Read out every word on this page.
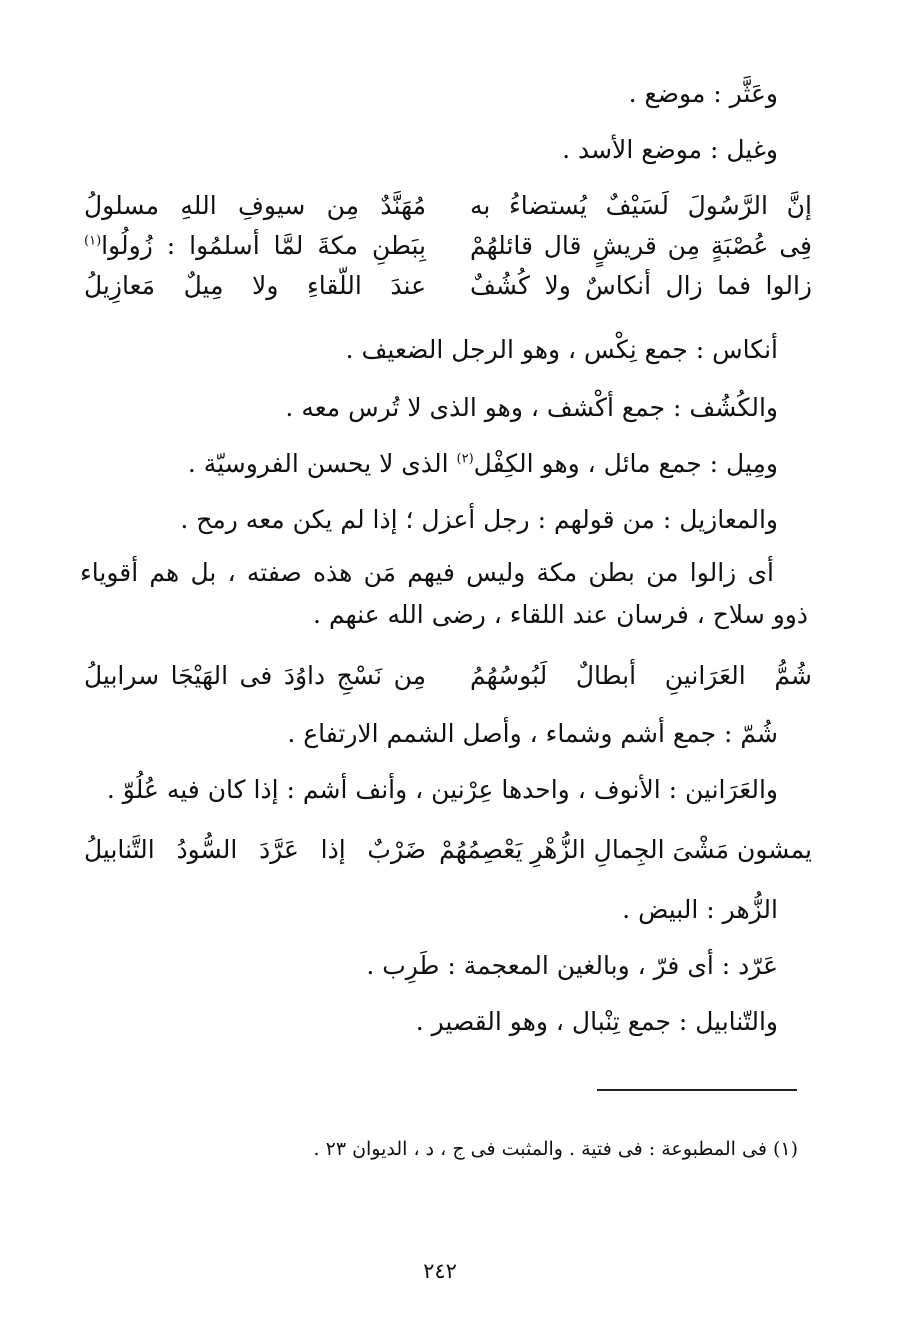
وعَثَّر : موضع .
وغيل : موضع الأسد .
إنَّ الرَّسُولَ لَسَيْفٌ يُستضاءُ به
مُهَنَّدٌ مِن سيوفِ اللهِ مسلولُ
فِى عُصْبَةٍ مِن قريشٍ قال قائلهُمْ
بِبَطنِ مكةَ لمَّا أسلمُوا : زُولُوا$^{(١)}$
زالوا فما زال أنكاسٌ ولا كُشُفٌ
عندَ اللّقاءِ ولا مِيلٌ مَعازِيلُ
أنكاس : جمع نِكْس ، وهو الرجل الضعيف .
والكُشُف : جمع أكْشف ، وهو الذى لا تُرس معه .
ومِيل : جمع مائل ، وهو الكِفْل$^{(٢)}$ الذى لا يحسن الفروسيّة .
والمعازيل : من قولهم : رجل أعزل ؛ إذا لم يكن معه رمح .
أى زالوا من بطن مكة وليس فيهم مَن هذه صفته ، بل هم أقوياء ذوو سلاح ، فرسان عند اللقاء ، رضى الله عنهم .
شُمُّ العَرَانينِ أبطالٌ لَبُوسُهُمُ
مِن نَسْجِ داوُدَ فى الهَيْجَا سرابيلُ
شُمّ : جمع أشم وشماء ، وأصل الشمم الارتفاع .
والعَرَانين : الأنوف ، واحدها عِرْنين ، وأنف أشم : إذا كان فيه عُلُوّ .
يمشون مَشْىَ الجِمالِ الزُّهْرِ يَعْصِمُهُمْ
ضَرْبٌ إذا عَرَّدَ السُّودُ التَّنابيلُ
الزُّهر : البيض .
عَرّد : أى فرّ ، وبالغين المعجمة : طَرِب .
والتّنابيل : جمع تِنْبال ، وهو القصير .
(١) فى المطبوعة : فى فتية . والمثبت فى ج ، د ، الديوان ٢٣ .
٢٤٢
